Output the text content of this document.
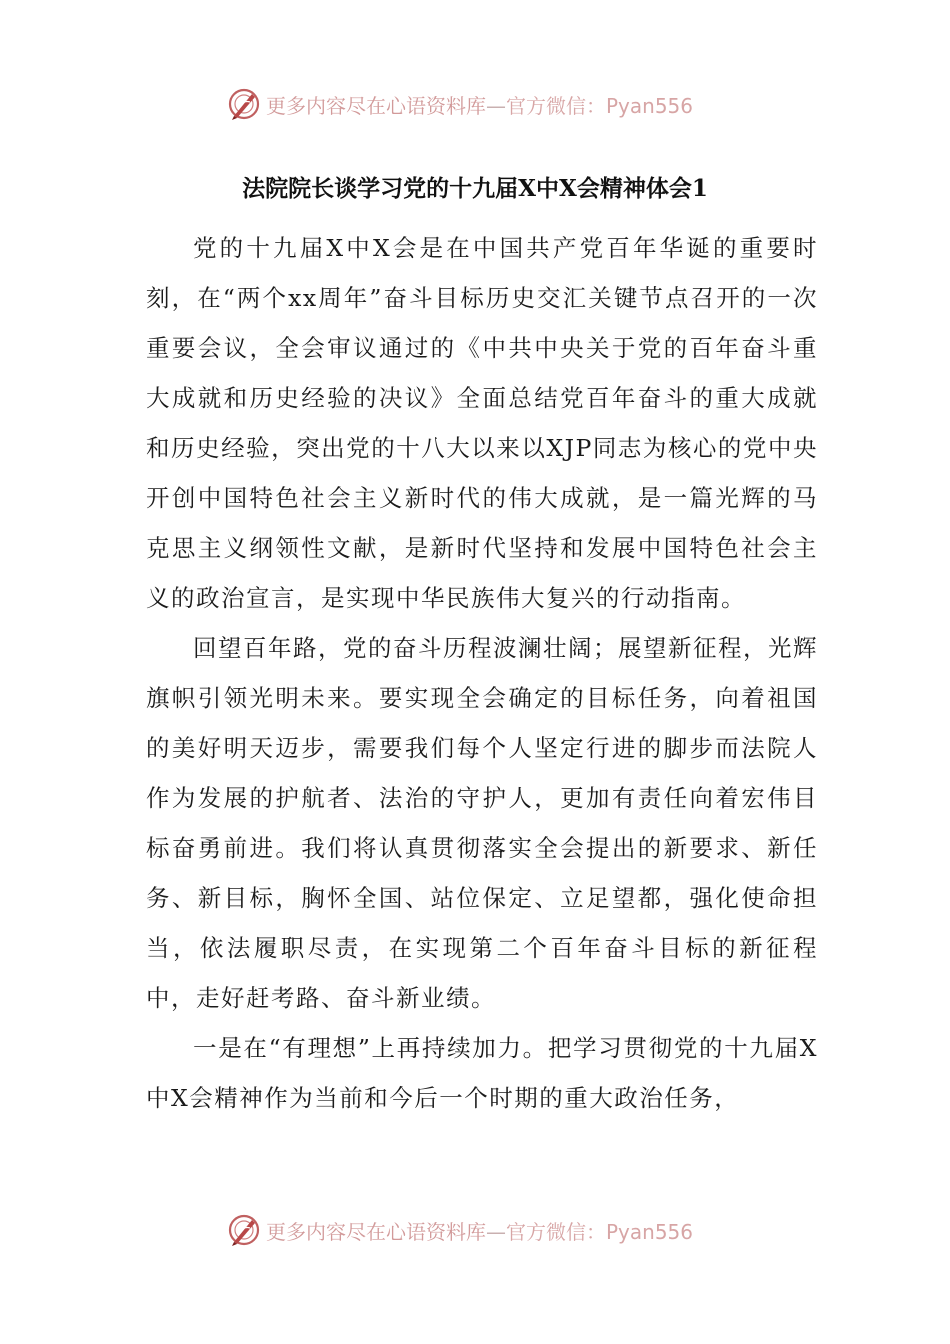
更多内容尽在心语资料库—官方微信：Pyan556
法院院长谈学习党的十九届X中X会精神体会1

党的十九届X中X会是在中国共产党百年华诞的重要时刻，在“两个xx周年”奋斗目标历史交汇关键节点召开的一次重要会议，全会审议通过的《中共中央关于党的百年奋斗重大成就和历史经验的决议》全面总结党百年奋斗的重大成就和历史经验，突出党的十八大以来以XJP同志为核心的党中央开创中国特色社会主义新时代的伟大成就，是一篇光辉的马克思主义纲领性文献，是新时代坚持和发展中国特色社会主义的政治宣言，是实现中华民族伟大复兴的行动指南。

回望百年路，党的奋斗历程波澜壮阔；展望新征程，光辉旗帜引领光明未来。要实现全会确定的目标任务，向着祖国的美好明天迈步，需要我们每个人坚定行进的脚步而法院人作为发展的护航者、法治的守护人，更加有责任向着宏伟目标奋勇前进。我们将认真贯彻落实全会提出的新要求、新任务、新目标，胸怀全国、站位保定、立足望都，强化使命担当，依法履职尽责，在实现第二个百年奋斗目标的新征程中，走好赶考路、奋斗新业绩。

一是在“有理想”上再持续加力。把学习贯彻党的十九届X中X会精神作为当前和今后一个时期的重大政治任务，

更多内容尽在心语资料库—官方微信：Pyan556
